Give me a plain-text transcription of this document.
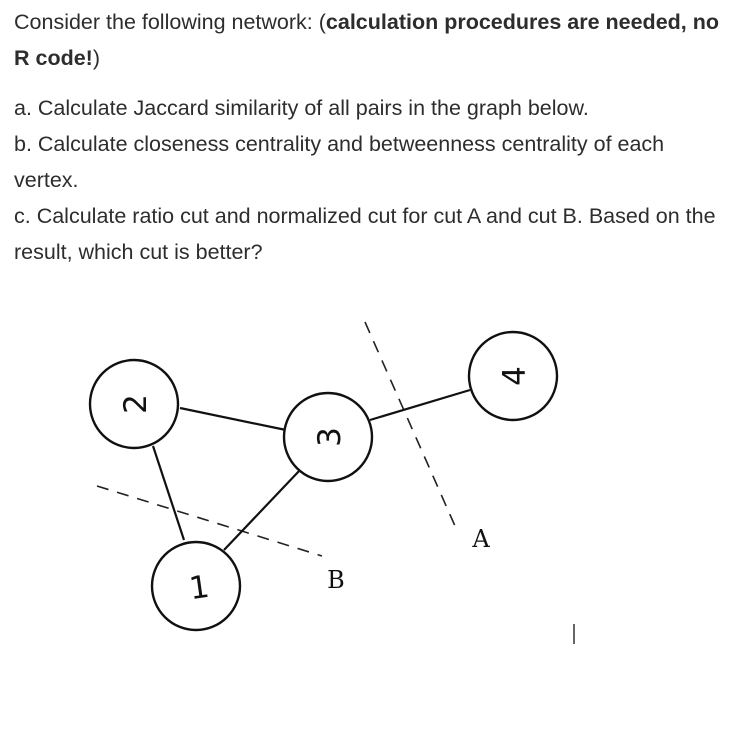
Consider the following network: (calculation procedures are needed, no R code!)

a. Calculate Jaccard similarity of all pairs in the graph below.

b. Calculate closeness centrality and betweenness centrality of each vertex.

c. Calculate ratio cut and normalized cut for cut A and cut B. Based on the result, which cut is better?

2
3
4
1
A
B
